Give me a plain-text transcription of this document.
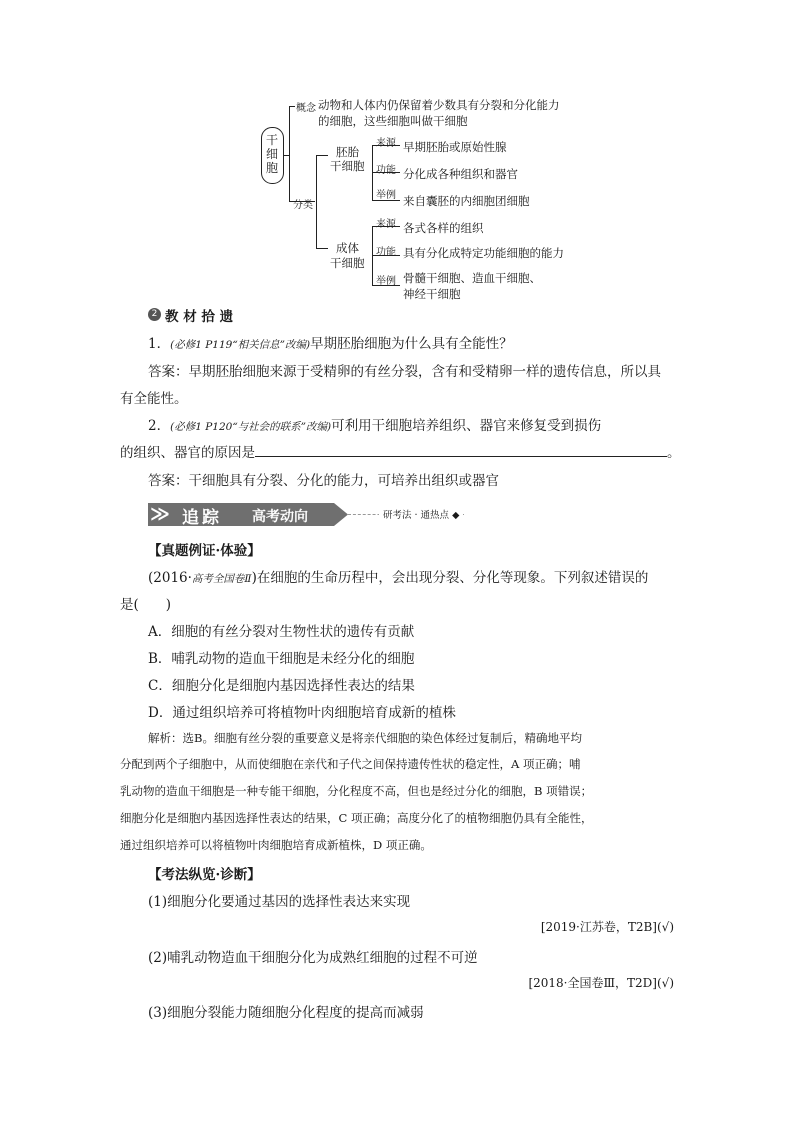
干细胞
概念 动物和人体内仍保留着少数具有分裂和分化能力
的细胞，这些细胞叫做干细胞
分类
胚胎
干细胞
来源
功能
举例
早期胚胎或原始性腺
分化成各种组织和器官
来自囊胚的内细胞团细胞
成体
干细胞
来源
功能
举例
各式各样的组织
具有分化成特定功能细胞的能力
骨髓干细胞、造血干细胞、
神经干细胞
2 教 材 拾 遗
1．(必修1 P119“相关信息”改编)早期胚胎细胞为什么具有全能性？
答案：早期胚胎细胞来源于受精卵的有丝分裂，含有和受精卵一样的遗传信息，所以具
有全能性。
2．(必修1 P120“与社会的联系”改编)可利用干细胞培养组织、器官来修复受到损伤
的组织、器官的原因是	。
答案：干细胞具有分裂、分化的能力，可培养出组织或器官
≫ 追踪 高考动向	研考法 · 通热点 ◆
【真题例证·体验】
(2016·高考全国卷Ⅱ)在细胞的生命历程中，会出现分裂、分化等现象。下列叙述错误的
是(　　)
A．细胞的有丝分裂对生物性状的遗传有贡献
B．哺乳动物的造血干细胞是未经分化的细胞
C．细胞分化是细胞内基因选择性表达的结果
D．通过组织培养可将植物叶肉细胞培育成新的植株
解析：选B。细胞有丝分裂的重要意义是将亲代细胞的染色体经过复制后，精确地平均
分配到两个子细胞中，从而使细胞在亲代和子代之间保持遗传性状的稳定性，A 项正确；哺
乳动物的造血干细胞是一种专能干细胞，分化程度不高，但也是经过分化的细胞，B 项错误；
细胞分化是细胞内基因选择性表达的结果，C 项正确；高度分化了的植物细胞仍具有全能性，
通过组织培养可以将植物叶肉细胞培育成新植株，D 项正确。
【考法纵览·诊断】
(1)细胞分化要通过基因的选择性表达来实现
[2019·江苏卷，T2B](√)
(2)哺乳动物造血干细胞分化为成熟红细胞的过程不可逆
[2018·全国卷Ⅲ，T2D](√)
(3)细胞分裂能力随细胞分化程度的提高而减弱
